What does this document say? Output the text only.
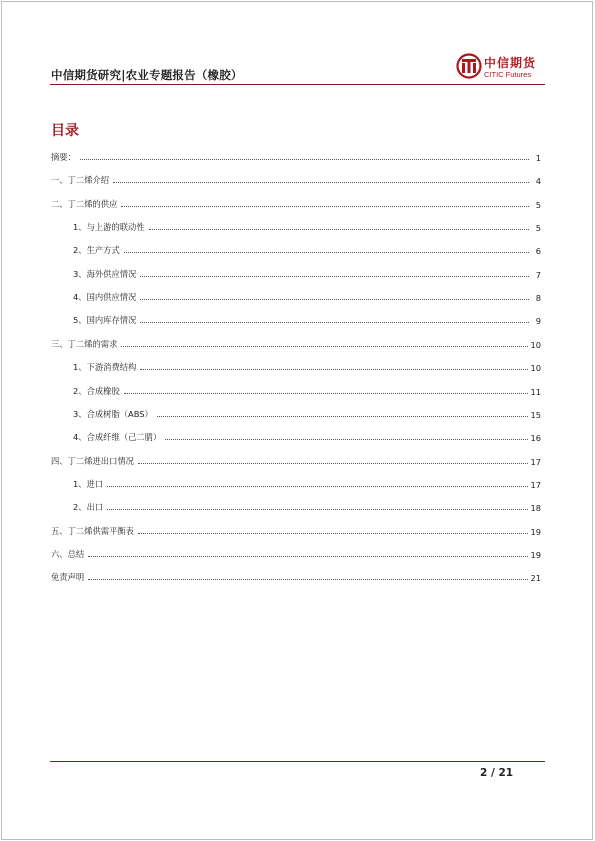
中信期货研究|农业专题报告（橡胶）
中信期货
CITIC Futures
目录
摘要：	1
一、丁二烯介绍	4
二、丁二烯的供应	5
1、与上游的联动性	5
2、生产方式	6
3、海外供应情况	7
4、国内供应情况	8
5、国内库存情况	9
三、丁二烯的需求	10
1、下游消费结构	10
2、合成橡胶	11
3、合成树脂（ABS）	15
4、合成纤维（己二腈）	16
四、丁二烯进出口情况	17
1、进口	17
2、出口	18
五、丁二烯供需平衡表	19
六、总结	19
免责声明	21
2 / 21
